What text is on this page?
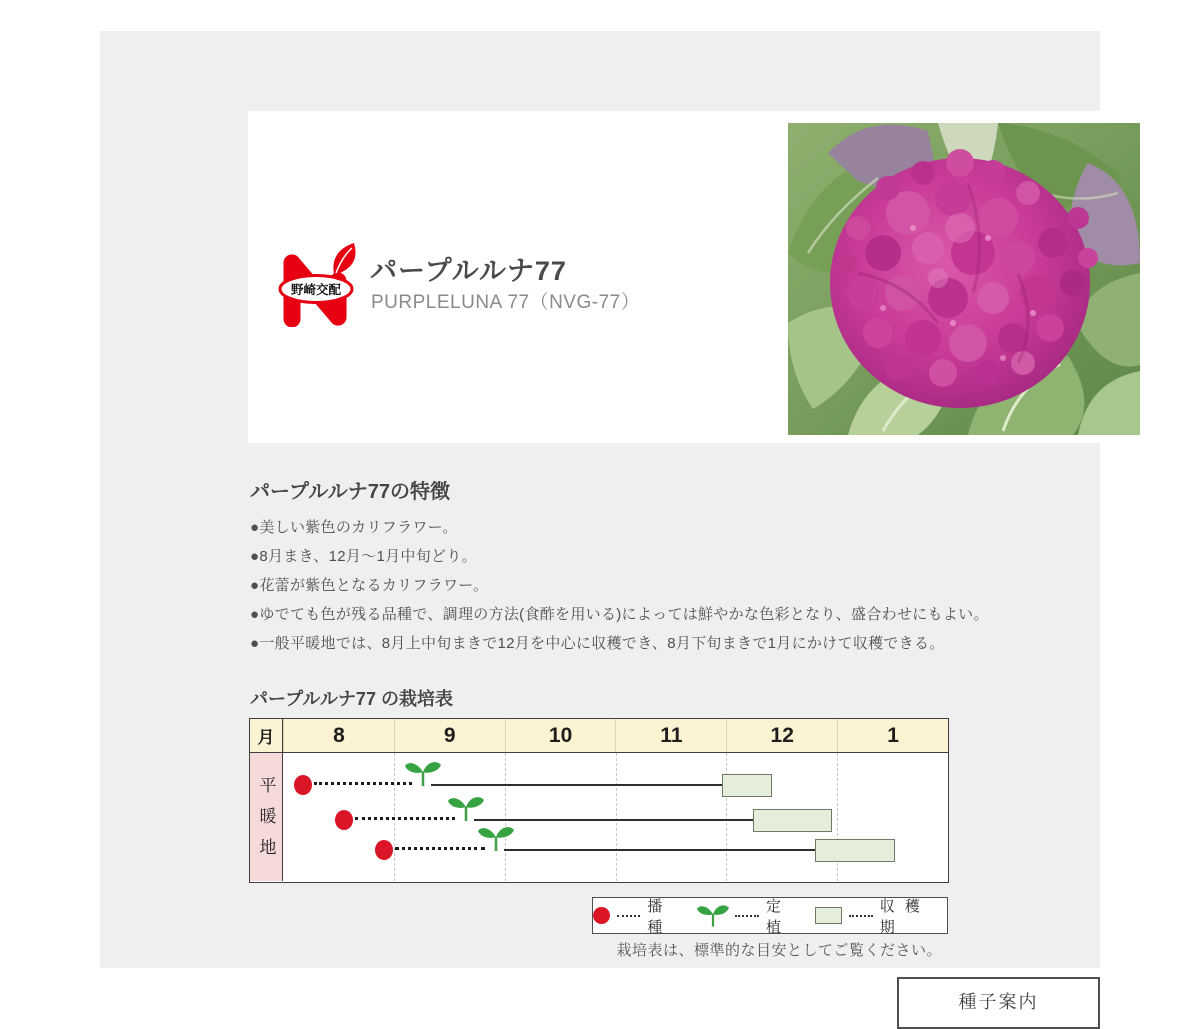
野崎交配
パープルルナ77
PURPLELUNA 77（NVG-77）
パープルルナ77の特徴
●美しい紫色のカリフラワー。
●8月まき、12月〜1月中旬どり。
●花蕾が紫色となるカリフラワー。
●ゆでても色が残る品種で、調理の方法(食酢を用いる)によっては鮮やかな色彩となり、盛合わせにもよい。
●一般平暖地では、8月上中旬まきで12月を中心に収穫でき、8月下旬まきで1月にかけて収穫できる。
パープルルナ77 の栽培表
月	8	9	10	11	12	1
平暖地
播 種
定 植
収 穫 期
栽培表は、標準的な目安としてご覧ください。
種子案内
